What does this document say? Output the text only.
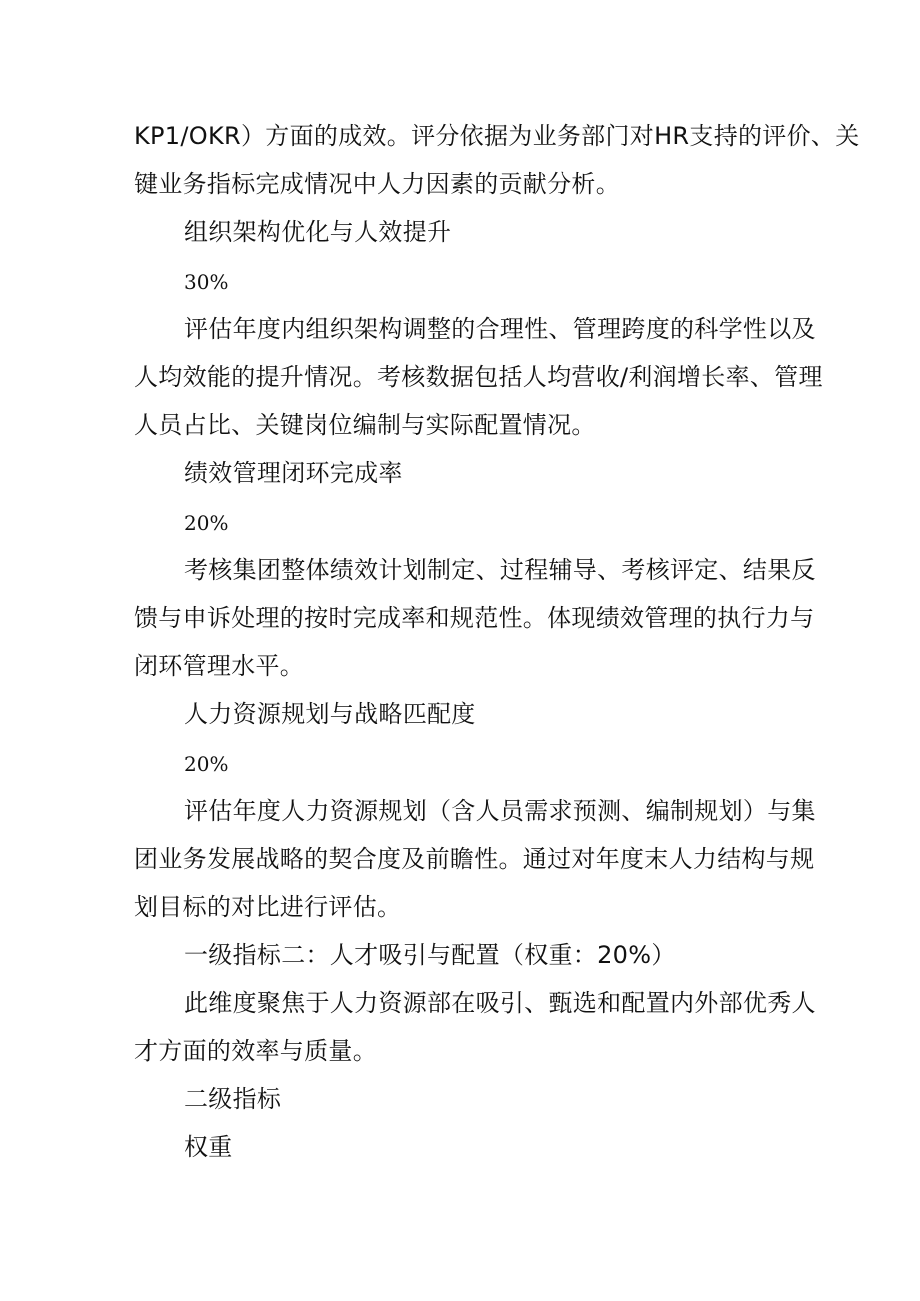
KP1/OKR）方面的成效。评分依据为业务部门对HR支持的评价、关
键业务指标完成情况中人力因素的贡献分析。
组织架构优化与人效提升
30%
评估年度内组织架构调整的合理性、管理跨度的科学性以及
人均效能的提升情况。考核数据包括人均营收/利润增长率、管理
人员占比、关键岗位编制与实际配置情况。
绩效管理闭环完成率
20%
考核集团整体绩效计划制定、过程辅导、考核评定、结果反
馈与申诉处理的按时完成率和规范性。体现绩效管理的执行力与
闭环管理水平。
人力资源规划与战略匹配度
20%
评估年度人力资源规划（含人员需求预测、编制规划）与集
团业务发展战略的契合度及前瞻性。通过对年度末人力结构与规
划目标的对比进行评估。
一级指标二：人才吸引与配置（权重：20%）
此维度聚焦于人力资源部在吸引、甄选和配置内外部优秀人
才方面的效率与质量。
二级指标
权重
